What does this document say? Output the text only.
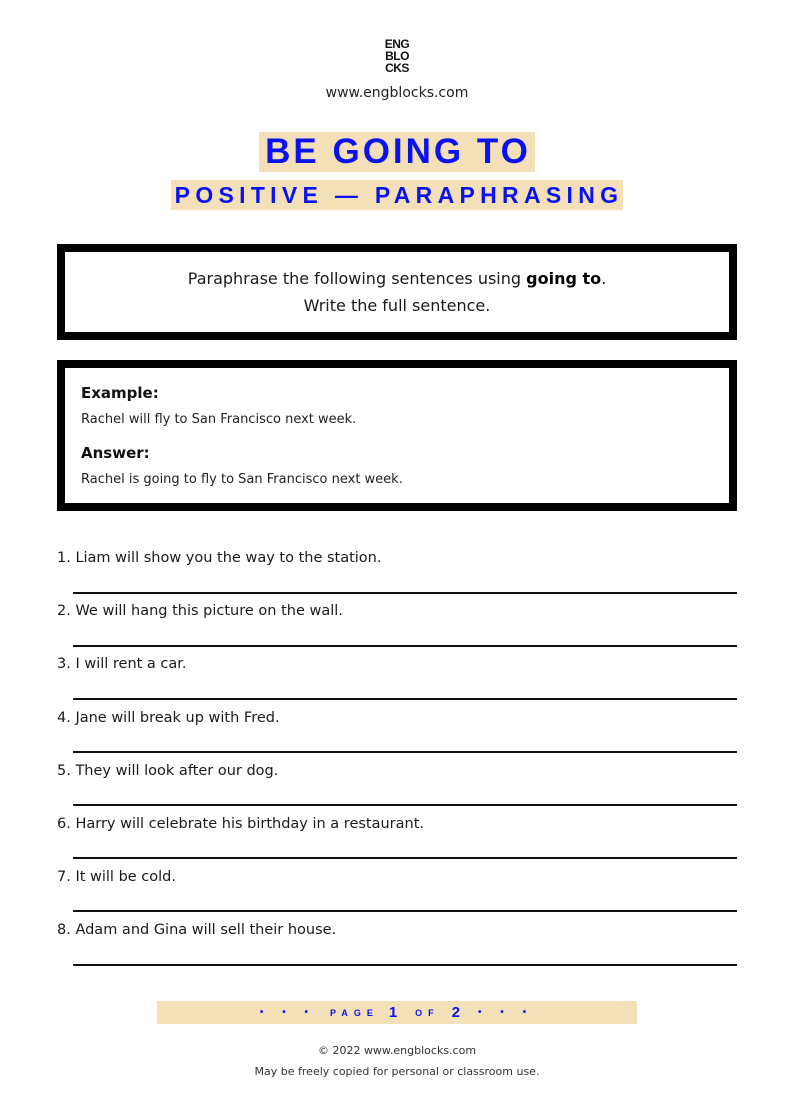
ENG
BLO
CKS
www.engblocks.com
BE GOING TO
POSITIVE — PARAPHRASING
Paraphrase the following sentences using going to.
Write the full sentence.
Example:
Rachel will fly to San Francisco next week.
Answer:
Rachel is going to fly to San Francisco next week.
1. Liam will show you the way to the station.
2. We will hang this picture on the wall.
3. I will rent a car.
4. Jane will break up with Fred.
5. They will look after our dog.
6. Harry will celebrate his birthday in a restaurant.
7. It will be cold.
8. Adam and Gina will sell their house.
• • • PAGE 1 OF 2 • • •
© 2022 www.engblocks.com
May be freely copied for personal or classroom use.
